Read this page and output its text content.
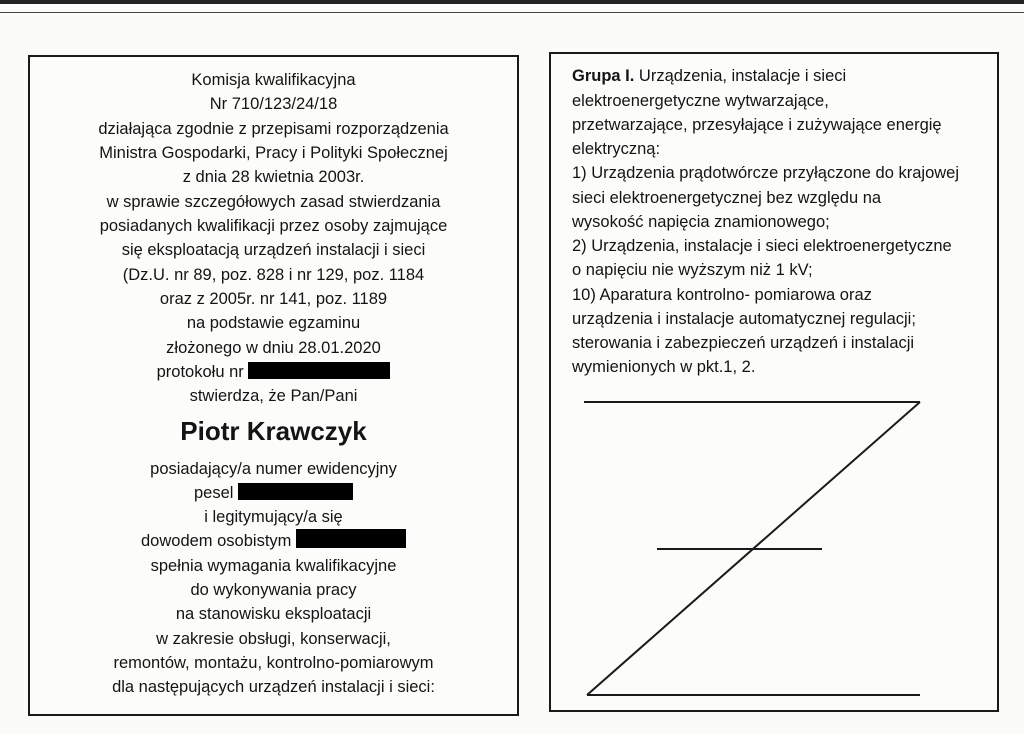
Komisja kwalifikacyjna
Nr 710/123/24/18
działająca zgodnie z przepisami rozporządzenia
Ministra Gospodarki, Pracy i Polityki Społecznej
z dnia 28 kwietnia 2003r.
w sprawie szczegółowych zasad stwierdzania
posiadanych kwalifikacji przez osoby zajmujące
się eksploatacją urządzeń instalacji i sieci
(Dz.U. nr 89, poz. 828 i nr 129, poz. 1184
oraz z 2005r. nr 141, poz. 1189
na podstawie egzaminu
złożonego w dniu 28.01.2020
protokołu nr
stwierdza, że Pan/Pani
Piotr Krawczyk
posiadający/a numer ewidencyjny
pesel
i legitymujący/a się
dowodem osobistym
spełnia wymagania kwalifikacyjne
do wykonywania pracy
na stanowisku eksploatacji
w zakresie obsługi, konserwacji,
remontów, montażu, kontrolno-pomiarowym
dla następujących urządzeń instalacji i sieci:
Grupa I. Urządzenia, instalacje i sieci
elektroenergetyczne wytwarzające,
przetwarzające, przesyłające i zużywające energię
elektryczną:
1) Urządzenia prądotwórcze przyłączone do krajowej
sieci elektroenergetycznej bez względu na
wysokość napięcia znamionowego;
2) Urządzenia, instalacje i sieci elektroenergetyczne
o napięciu nie wyższym niż 1 kV;
10) Aparatura kontrolno- pomiarowa oraz
urządzenia i instalacje automatycznej regulacji;
sterowania i zabezpieczeń urządzeń i instalacji
wymienionych w pkt.1, 2.
